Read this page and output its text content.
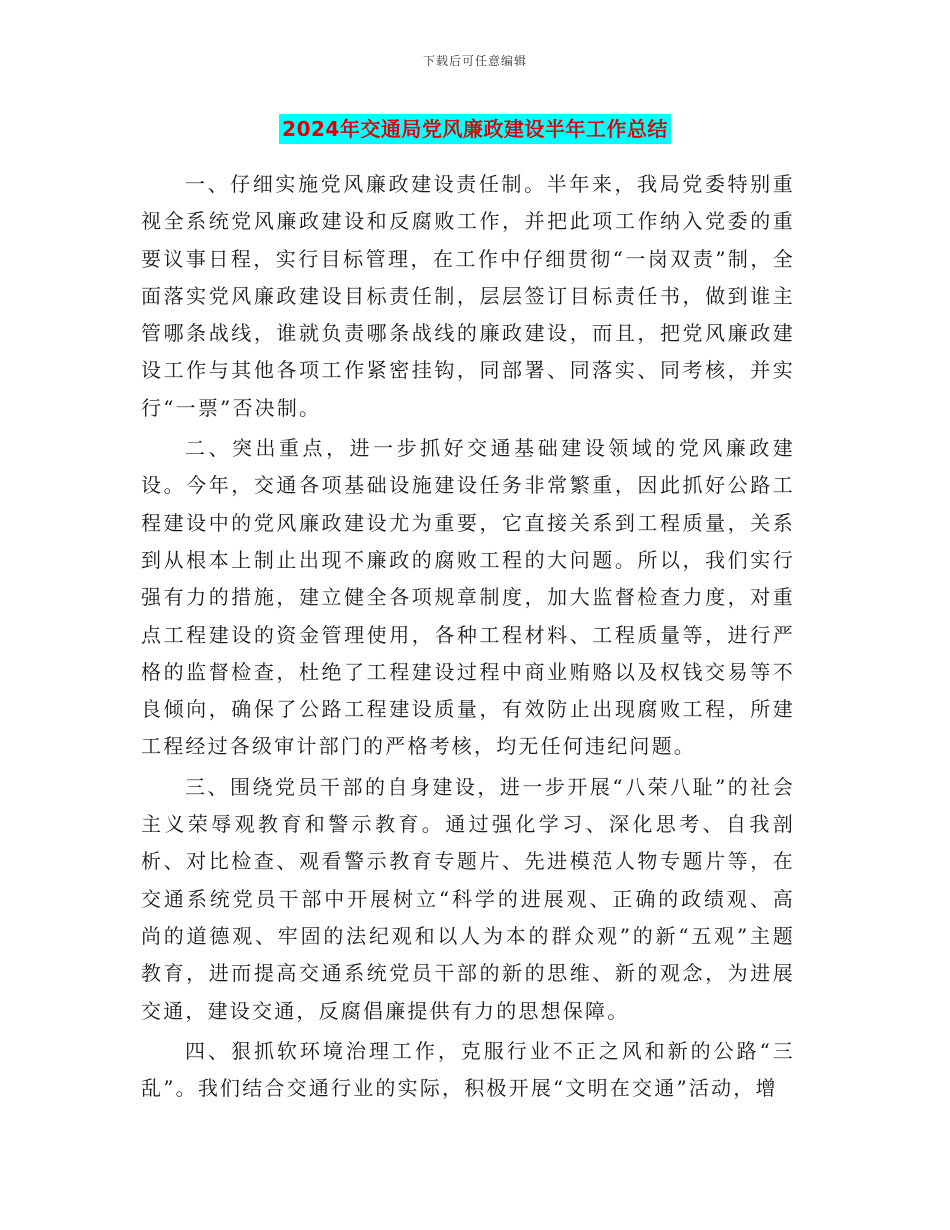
下载后可任意编辑
2024年交通局党风廉政建设半年工作总结

一、仔细实施党风廉政建设责任制。半年来，我局党委特别重视全系统党风廉政建设和反腐败工作，并把此项工作纳入党委的重要议事日程，实行目标管理，在工作中仔细贯彻“一岗双责”制，全面落实党风廉政建设目标责任制，层层签订目标责任书，做到谁主管哪条战线，谁就负责哪条战线的廉政建设，而且，把党风廉政建设工作与其他各项工作紧密挂钩，同部署、同落实、同考核，并实行“一票”否决制。

二、突出重点，进一步抓好交通基础建设领域的党风廉政建设。今年，交通各项基础设施建设任务非常繁重，因此抓好公路工程建设中的党风廉政建设尤为重要，它直接关系到工程质量，关系到从根本上制止出现不廉政的腐败工程的大问题。所以，我们实行强有力的措施，建立健全各项规章制度，加大监督检查力度，对重点工程建设的资金管理使用，各种工程材料、工程质量等，进行严格的监督检查，杜绝了工程建设过程中商业贿赂以及权钱交易等不良倾向，确保了公路工程建设质量，有效防止出现腐败工程，所建工程经过各级审计部门的严格考核，均无任何违纪问题。

三、围绕党员干部的自身建设，进一步开展“八荣八耻”的社会主义荣辱观教育和警示教育。通过强化学习、深化思考、自我剖析、对比检查、观看警示教育专题片、先进模范人物专题片等，在交通系统党员干部中开展树立“科学的进展观、正确的政绩观、高尚的道德观、牢固的法纪观和以人为本的群众观”的新“五观”主题教育，进而提高交通系统党员干部的新的思维、新的观念，为进展交通，建设交通，反腐倡廉提供有力的思想保障。

四、狠抓软环境治理工作，克服行业不正之风和新的公路“三乱”。我们结合交通行业的实际，积极开展“文明在交通”活动，增
